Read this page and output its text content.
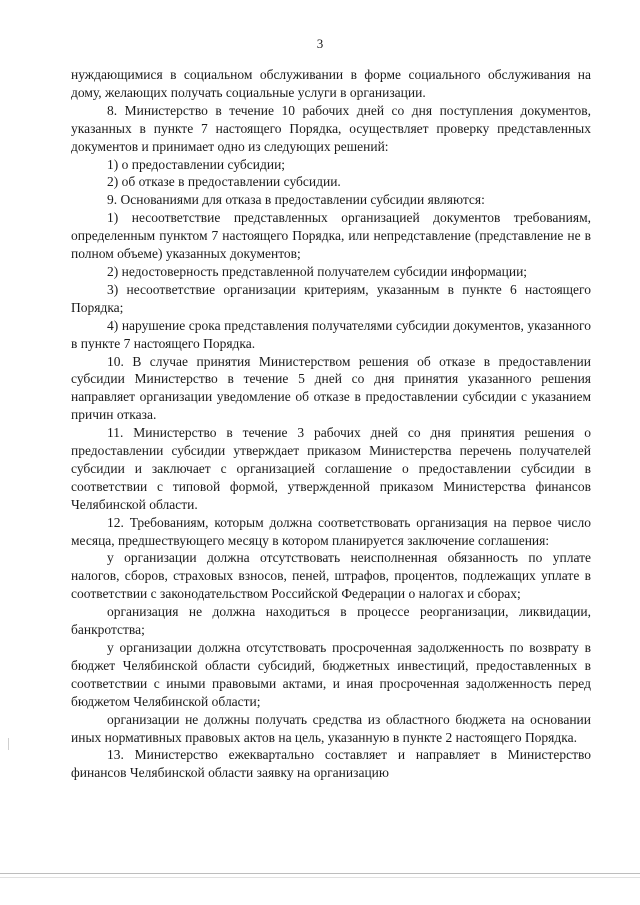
3

нуждающимися в социальном обслуживании в форме социального обслуживания на дому, желающих получать социальные услуги в организации.

8. Министерство в течение 10 рабочих дней со дня поступления документов, указанных в пункте 7 настоящего Порядка, осуществляет проверку представленных документов и принимает одно из следующих решений:

1) о предоставлении субсидии;

2) об отказе в предоставлении субсидии.

9. Основаниями для отказа в предоставлении субсидии являются:

1) несоответствие представленных организацией документов требованиям, определенным пунктом 7 настоящего Порядка, или непредставление (представление не в полном объеме) указанных документов;

2) недостоверность представленной получателем субсидии информации;

3) несоответствие организации критериям, указанным в пункте 6 настоящего Порядка;

4) нарушение срока представления получателями субсидии документов, указанного в пункте 7 настоящего Порядка.

10. В случае принятия Министерством решения об отказе в предоставлении субсидии Министерство в течение 5 дней со дня принятия указанного решения направляет организации уведомление об отказе в предоставлении субсидии с указанием причин отказа.

11. Министерство в течение 3 рабочих дней со дня принятия решения о предоставлении субсидии утверждает приказом Министерства перечень получателей субсидии и заключает с организацией соглашение о предоставлении субсидии в соответствии с типовой формой, утвержденной приказом Министерства финансов Челябинской области.

12. Требованиям, которым должна соответствовать организация на первое число месяца, предшествующего месяцу в котором планируется заключение соглашения:

у организации должна отсутствовать неисполненная обязанность по уплате налогов, сборов, страховых взносов, пеней, штрафов, процентов, подлежащих уплате в соответствии с законодательством Российской Федерации о налогах и сборах;

организация не должна находиться в процессе реорганизации, ликвидации, банкротства;

у организации должна отсутствовать просроченная задолженность по возврату в бюджет Челябинской области субсидий, бюджетных инвестиций, предоставленных в соответствии с иными правовыми актами, и иная просроченная задолженность перед бюджетом Челябинской области;

организации не должны получать средства из областного бюджета на основании иных нормативных правовых актов на цель, указанную в пункте 2 настоящего Порядка.

13. Министерство ежеквартально составляет и направляет в Министерство финансов Челябинской области заявку на организацию
